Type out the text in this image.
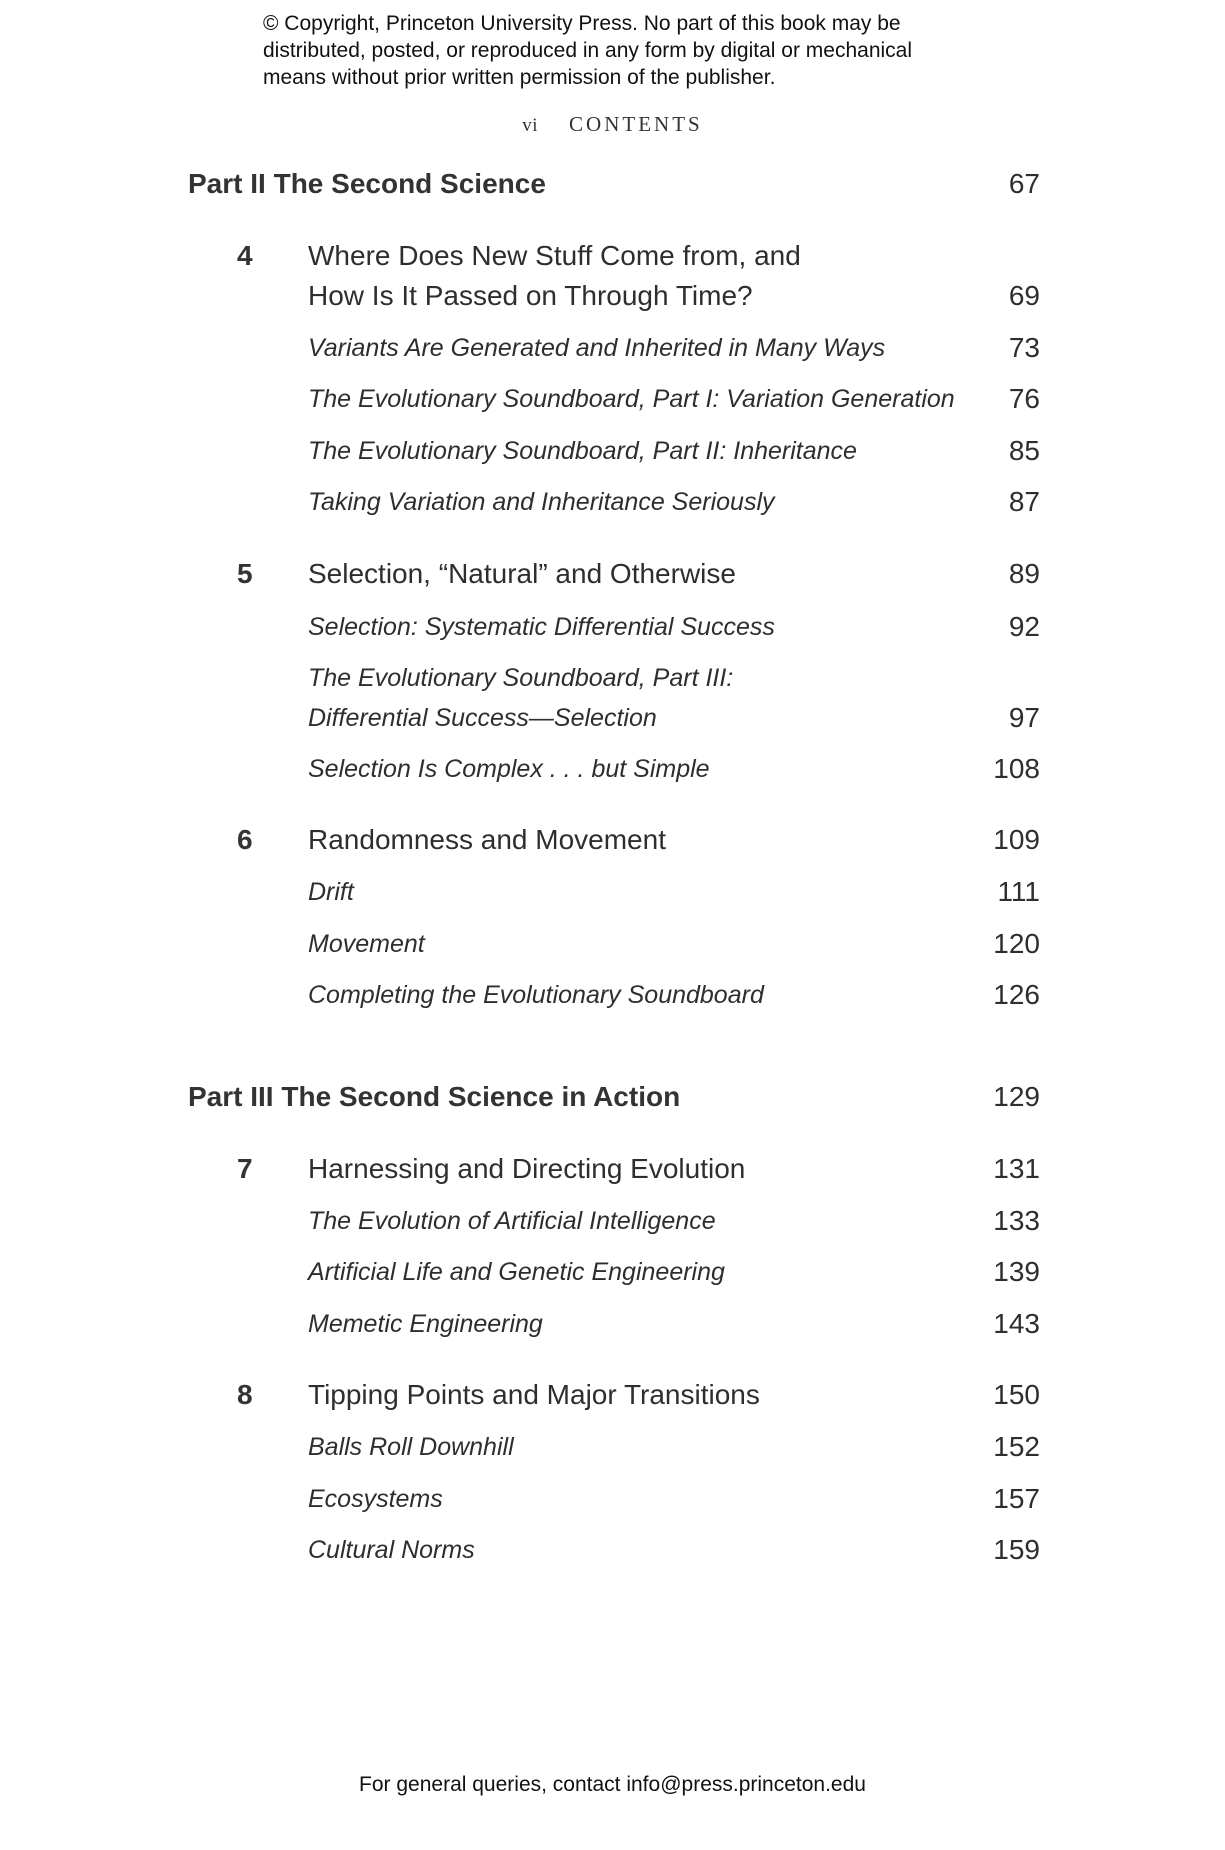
© Copyright, Princeton University Press. No part of this book may be
distributed, posted, or reproduced in any form by digital or mechanical
means without prior written permission of the publisher.
vi CONTENTS
Part II The Second Science	67
4 Where Does New Stuff Come from, and
How Is It Passed on Through Time?	69
Variants Are Generated and Inherited in Many Ways	73
The Evolutionary Soundboard, Part I: Variation Generation 76
The Evolutionary Soundboard, Part II: Inheritance	85
Taking Variation and Inheritance Seriously	87
5 Selection, “Natural” and Otherwise	89
Selection: Systematic Differential Success	92
The Evolutionary Soundboard, Part III:
Differential Success—Selection	97
Selection Is Complex . . . but Simple	108
6 Randomness and Movement	109
Drift	111
Movement	120
Completing the Evolutionary Soundboard	126
Part III The Second Science in Action	129
7 Harnessing and Directing Evolution	131
The Evolution of Artificial Intelligence	133
Artificial Life and Genetic Engineering	139
Memetic Engineering	143
8 Tipping Points and Major Transitions	150
Balls Roll Downhill	152
Ecosystems	157
Cultural Norms	159
For general queries, contact info@press.princeton.edu
